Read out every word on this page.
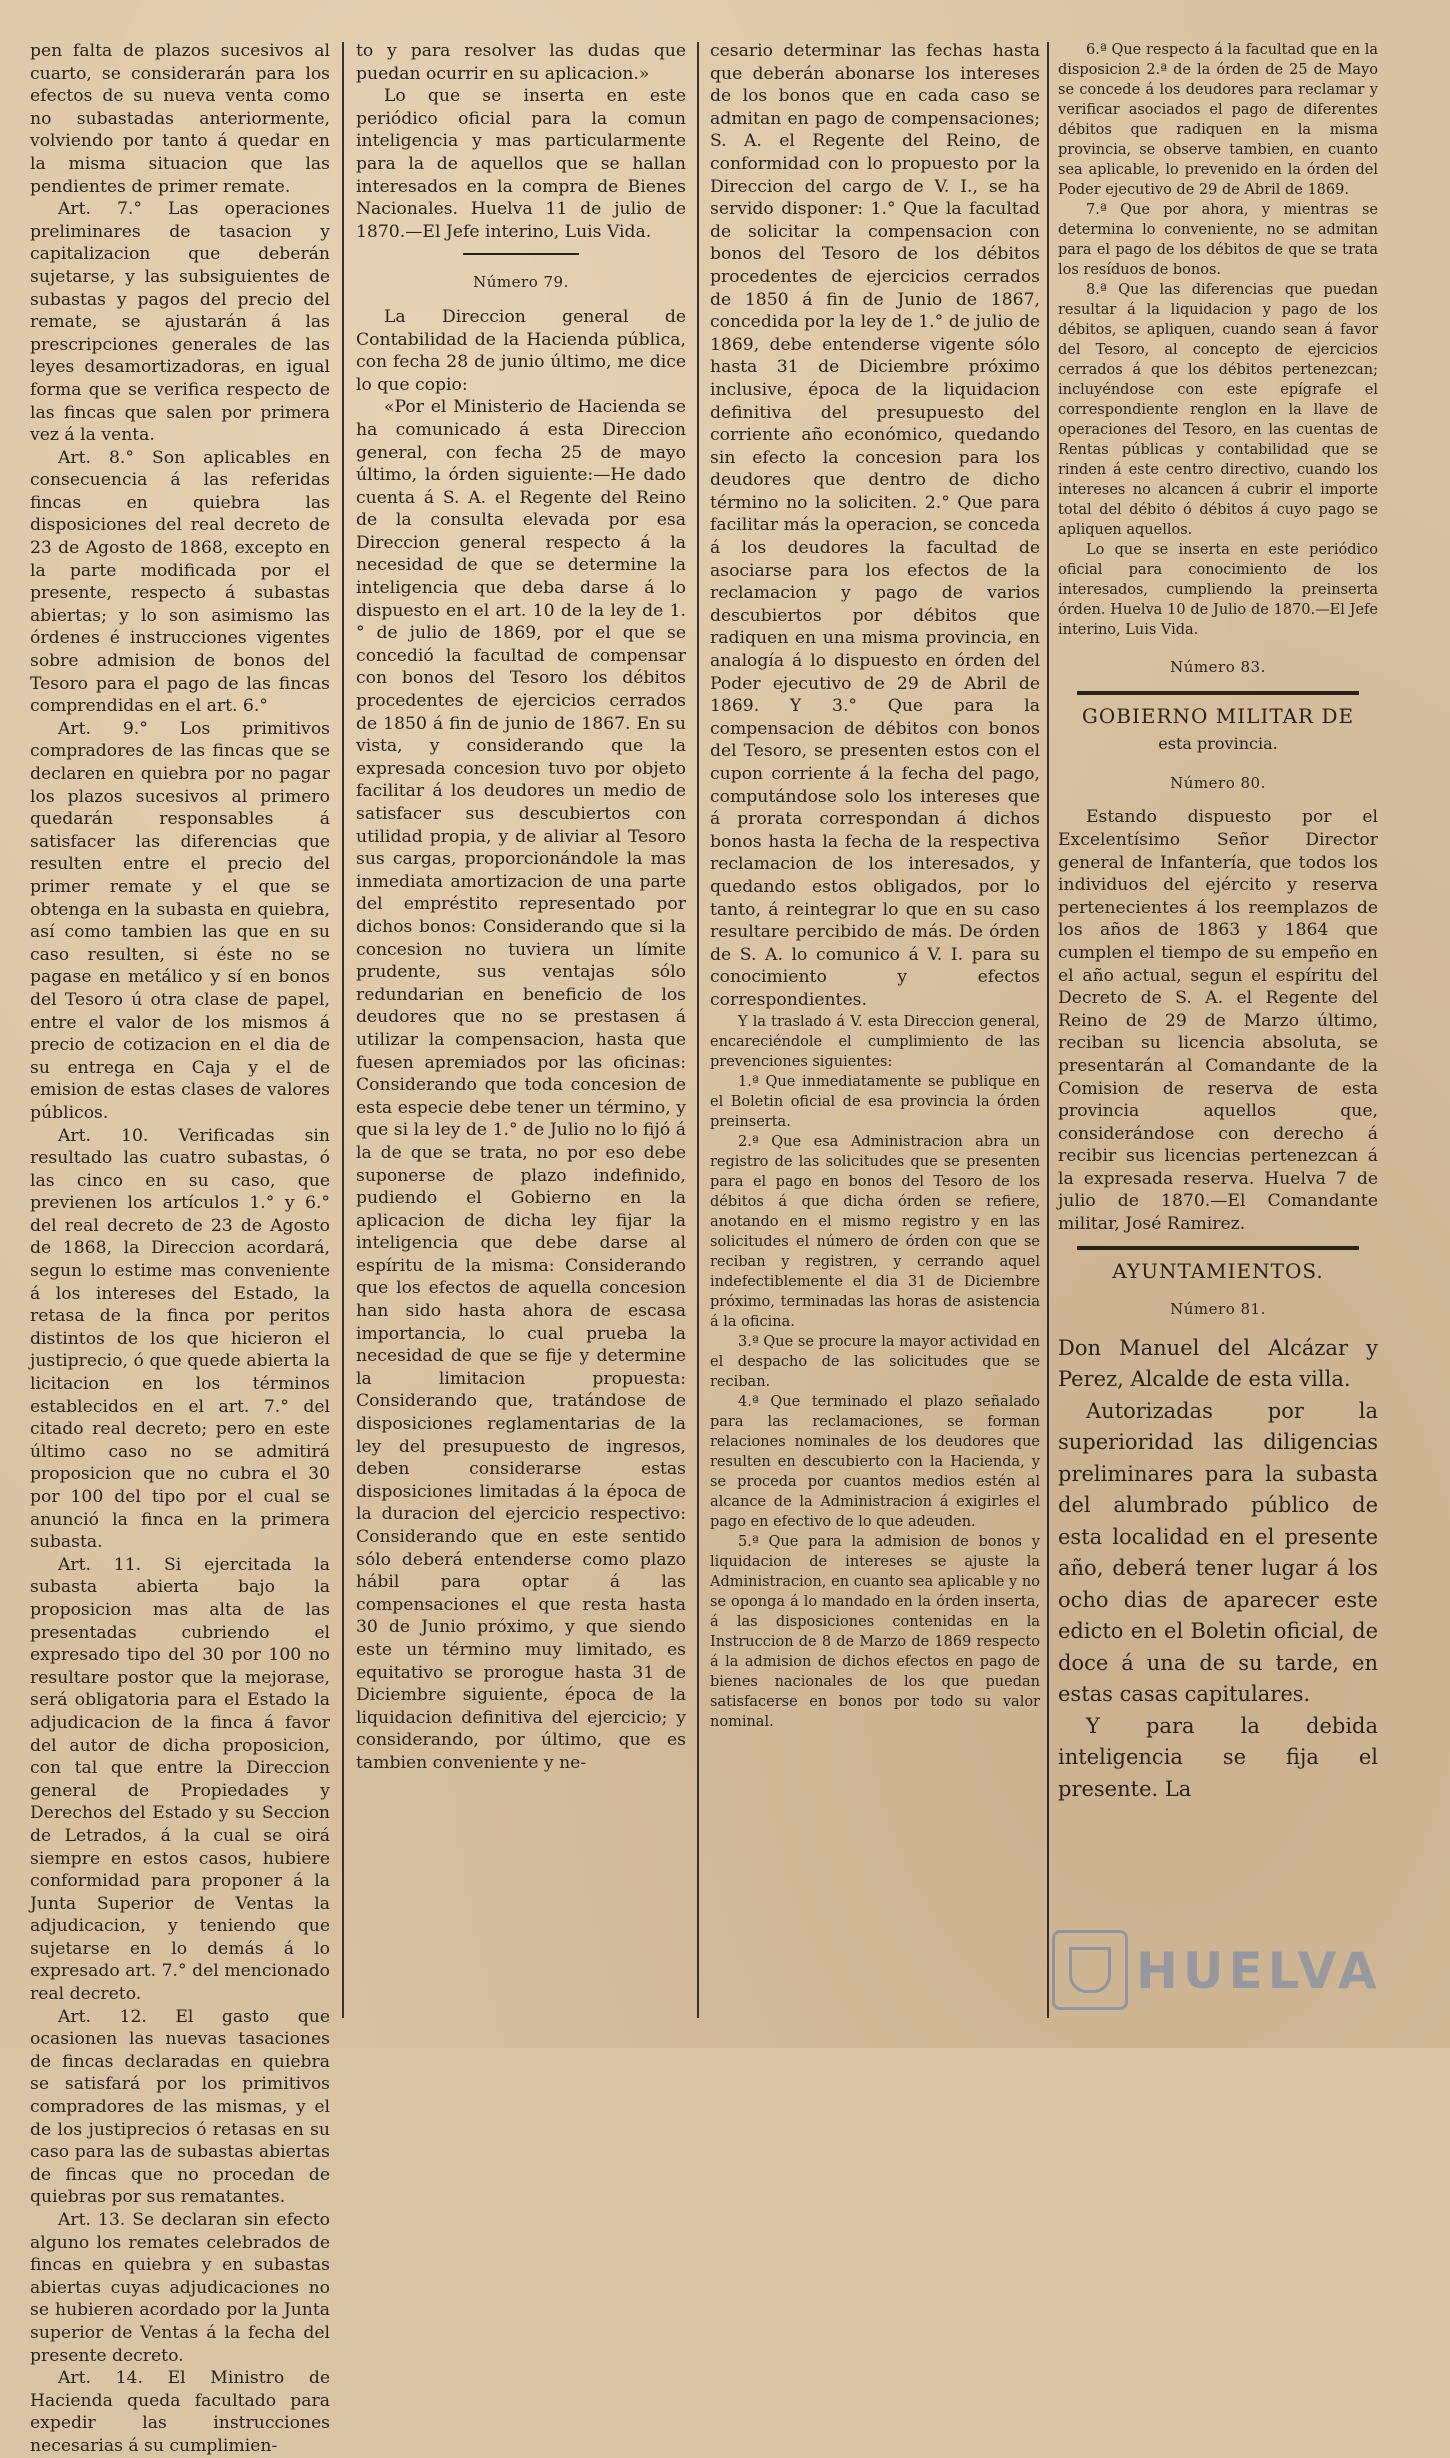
pen falta de plazos sucesivos al cuarto, se considerarán para los efectos de su nueva venta como no subastadas anteriormente, volviendo por tanto á quedar en la misma situacion que las pendientes de primer remate.

Art. 7.° Las operaciones preliminares de tasacion y capitalizacion que deberán sujetarse, y las subsiguientes de subastas y pagos del precio del remate, se ajustarán á las prescripciones generales de las leyes desamortizadoras, en igual forma que se verifica respecto de las fincas que salen por primera vez á la venta.

Art. 8.° Son aplicables en consecuencia á las referidas fincas en quiebra las disposiciones del real decreto de 23 de Agosto de 1868, excepto en la parte modificada por el presente, respecto á subastas abiertas; y lo son asimismo las órdenes é instrucciones vigentes sobre admision de bonos del Tesoro para el pago de las fincas comprendidas en el art. 6.°

Art. 9.° Los primitivos compradores de las fincas que se declaren en quiebra por no pagar los plazos sucesivos al primero quedarán responsables á satisfacer las diferencias que resulten entre el precio del primer remate y el que se obtenga en la subasta en quiebra, así como tambien las que en su caso resulten, si éste no se pagase en metálico y sí en bonos del Tesoro ú otra clase de papel, entre el valor de los mismos á precio de cotizacion en el dia de su entrega en Caja y el de emision de estas clases de valores públicos.

Art. 10. Verificadas sin resultado las cuatro subastas, ó las cinco en su caso, que previenen los artículos 1.° y 6.° del real decreto de 23 de Agosto de 1868, la Direccion acordará, segun lo estime mas conveniente á los intereses del Estado, la retasa de la finca por peritos distintos de los que hicieron el justiprecio, ó que quede abierta la licitacion en los términos establecidos en el art. 7.° del citado real decreto; pero en este último caso no se admitirá proposicion que no cubra el 30 por 100 del tipo por el cual se anunció la finca en la primera subasta.

Art. 11. Si ejercitada la subasta abierta bajo la proposicion mas alta de las presentadas cubriendo el expresado tipo del 30 por 100 no resultare postor que la mejorase, será obligatoria para el Estado la adjudicacion de la finca á favor del autor de dicha proposicion, con tal que entre la Direccion general de Propiedades y Derechos del Estado y su Seccion de Letrados, á la cual se oirá siempre en estos casos, hubiere conformidad para proponer á la Junta Superior de Ventas la adjudicacion, y teniendo que sujetarse en lo demás á lo expresado art. 7.° del mencionado real decreto.

Art. 12. El gasto que ocasionen las nuevas tasaciones de fincas declaradas en quiebra se satisfará por los primitivos compradores de las mismas, y el de los justiprecios ó retasas en su caso para las de subastas abiertas de fincas que no procedan de quiebras por sus rematantes.

Art. 13. Se declaran sin efecto alguno los remates celebrados de fincas en quiebra y en subastas abiertas cuyas adjudicaciones no se hubieren acordado por la Junta superior de Ventas á la fecha del presente decreto.

Art. 14. El Ministro de Hacienda queda facultado para expedir las instrucciones necesarias á su cumplimien-

to y para resolver las dudas que puedan ocurrir en su aplicacion.»

Lo que se inserta en este periódico oficial para la comun inteligencia y mas particularmente para la de aquellos que se hallan interesados en la compra de Bienes Nacionales. Huelva 11 de julio de 1870.—El Jefe interino, Luis Vida.

Número 79.

La Direccion general de Contabilidad de la Hacienda pública, con fecha 28 de junio último, me dice lo que copio:

«Por el Ministerio de Hacienda se ha comunicado á esta Direccion general, con fecha 25 de mayo último, la órden siguiente:—He dado cuenta á S. A. el Regente del Reino de la consulta elevada por esa Direccion general respecto á la necesidad de que se determine la inteligencia que deba darse á lo dispuesto en el art. 10 de la ley de 1.° de julio de 1869, por el que se concedió la facultad de compensar con bonos del Tesoro los débitos procedentes de ejercicios cerrados de 1850 á fin de junio de 1867. En su vista, y considerando que la expresada concesion tuvo por objeto facilitar á los deudores un medio de satisfacer sus descubiertos con utilidad propia, y de aliviar al Tesoro sus cargas, proporcionándole la mas inmediata amortizacion de una parte del empréstito representado por dichos bonos: Considerando que si la concesion no tuviera un límite prudente, sus ventajas sólo redundarian en beneficio de los deudores que no se prestasen á utilizar la compensacion, hasta que fuesen apremiados por las oficinas: Considerando que toda concesion de esta especie debe tener un término, y que si la ley de 1.° de Julio no lo fijó á la de que se trata, no por eso debe suponerse de plazo indefinido, pudiendo el Gobierno en la aplicacion de dicha ley fijar la inteligencia que debe darse al espíritu de la misma: Considerando que los efectos de aquella concesion han sido hasta ahora de escasa importancia, lo cual prueba la necesidad de que se fije y determine la limitacion propuesta: Considerando que, tratándose de disposiciones reglamentarias de la ley del presupuesto de ingresos, deben considerarse estas disposiciones limitadas á la época de la duracion del ejercicio respectivo: Considerando que en este sentido sólo deberá entenderse como plazo hábil para optar á las compensaciones el que resta hasta 30 de Junio próximo, y que siendo este un término muy limitado, es equitativo se prorogue hasta 31 de Diciembre siguiente, época de la liquidacion definitiva del ejercicio; y considerando, por último, que es tambien conveniente y ne-

cesario determinar las fechas hasta que deberán abonarse los intereses de los bonos que en cada caso se admitan en pago de compensaciones; S. A. el Regente del Reino, de conformidad con lo propuesto por la Direccion del cargo de V. I., se ha servido disponer: 1.° Que la facultad de solicitar la compensacion con bonos del Tesoro de los débitos procedentes de ejercicios cerrados de 1850 á fin de Junio de 1867, concedida por la ley de 1.° de julio de 1869, debe entenderse vigente sólo hasta 31 de Diciembre próximo inclusive, época de la liquidacion definitiva del presupuesto del corriente año económico, quedando sin efecto la concesion para los deudores que dentro de dicho término no la soliciten. 2.° Que para facilitar más la operacion, se conceda á los deudores la facultad de asociarse para los efectos de la reclamacion y pago de varios descubiertos por débitos que radiquen en una misma provincia, en analogía á lo dispuesto en órden del Poder ejecutivo de 29 de Abril de 1869. Y 3.° Que para la compensacion de débitos con bonos del Tesoro, se presenten estos con el cupon corriente á la fecha del pago, computándose solo los intereses que á prorata correspondan á dichos bonos hasta la fecha de la respectiva reclamacion de los interesados, y quedando estos obligados, por lo tanto, á reintegrar lo que en su caso resultare percibido de más. De órden de S. A. lo comunico á V. I. para su conocimiento y efectos correspondientes.

Y la traslado á V. esta Direccion general, encareciéndole el cumplimiento de las prevenciones siguientes:

1.ª Que inmediatamente se publique en el Boletin oficial de esa provincia la órden preinserta.

2.ª Que esa Administracion abra un registro de las solicitudes que se presenten para el pago en bonos del Tesoro de los débitos á que dicha órden se refiere, anotando en el mismo registro y en las solicitudes el número de órden con que se reciban y registren, y cerrando aquel indefectiblemente el dia 31 de Diciembre próximo, terminadas las horas de asistencia á la oficina.

3.ª Que se procure la mayor actividad en el despacho de las solicitudes que se reciban.

4.ª Que terminado el plazo señalado para las reclamaciones, se forman relaciones nominales de los deudores que resulten en descubierto con la Hacienda, y se proceda por cuantos medios estén al alcance de la Administracion á exigirles el pago en efectivo de lo que adeuden.

5.ª Que para la admision de bonos y liquidacion de intereses se ajuste la Administracion, en cuanto sea aplicable y no se oponga á lo mandado en la órden inserta, á las disposiciones contenidas en la Instruccion de 8 de Marzo de 1869 respecto á la admision de dichos efectos en pago de bienes nacionales de los que puedan satisfacerse en bonos por todo su valor nominal.

6.ª Que respecto á la facultad que en la disposicion 2.ª de la órden de 25 de Mayo se concede á los deudores para reclamar y verificar asociados el pago de diferentes débitos que radiquen en la misma provincia, se observe tambien, en cuanto sea aplicable, lo prevenido en la órden del Poder ejecutivo de 29 de Abril de 1869.

7.ª Que por ahora, y mientras se determina lo conveniente, no se admitan para el pago de los débitos de que se trata los resíduos de bonos.

8.ª Que las diferencias que puedan resultar á la liquidacion y pago de los débitos, se apliquen, cuando sean á favor del Tesoro, al concepto de ejercicios cerrados á que los débitos pertenezcan; incluyéndose con este epígrafe el correspondiente renglon en la llave de operaciones del Tesoro, en las cuentas de Rentas públicas y contabilidad que se rinden á este centro directivo, cuando los intereses no alcancen á cubrir el importe total del débito ó débitos á cuyo pago se apliquen aquellos.

Lo que se inserta en este periódico oficial para conocimiento de los interesados, cumpliendo la preinserta órden. Huelva 10 de Julio de 1870.—El Jefe interino, Luis Vida.

Número 83.

GOBIERNO MILITAR DE

esta provincia.

Número 80.

Estando dispuesto por el Excelentísimo Señor Director general de Infantería, que todos los individuos del ejército y reserva pertenecientes á los reemplazos de los años de 1863 y 1864 que cumplen el tiempo de su empeño en el año actual, segun el espíritu del Decreto de S. A. el Regente del Reino de 29 de Marzo último, reciban su licencia absoluta, se presentarán al Comandante de la Comision de reserva de esta provincia aquellos que, considerándose con derecho á recibir sus licencias pertenezcan á la expresada reserva. Huelva 7 de julio de 1870.—El Comandante militar, José Ramirez.

AYUNTAMIENTOS.

Número 81.

Don Manuel del Alcázar y Perez, Alcalde de esta villa.

Autorizadas por la superioridad las diligencias preliminares para la subasta del alumbrado público de esta localidad en el presente año, deberá tener lugar á los ocho dias de aparecer este edicto en el Boletin oficial, de doce á una de su tarde, en estas casas capitulares.

Y para la debida inteligencia se fija el presente. La

HUELVA
